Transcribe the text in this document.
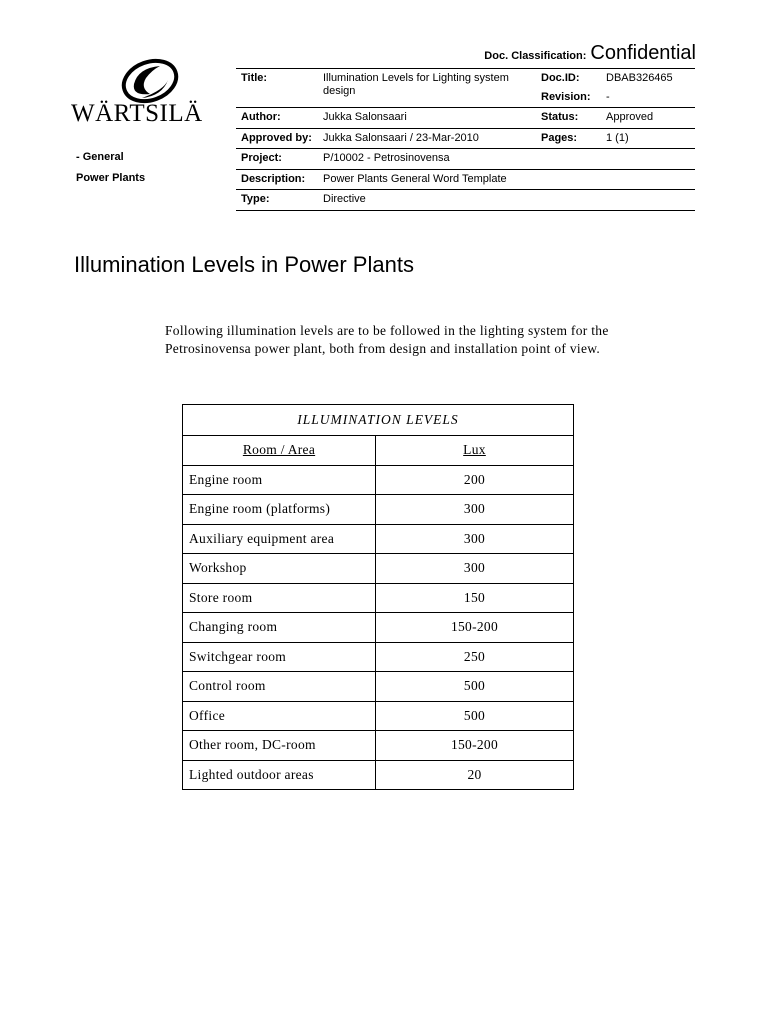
WÄRTSILÄ
- General
Power Plants
Doc. Classification: Confidential
Title:	Illumination Levels for Lighting system design
Doc.ID: DBAB326465
Revision: -
Author:	Jukka Salonsaari	Status:	Approved
Approved by: Jukka Salonsaari / 23-Mar-2010	Pages:	1 (1)
Project:	P/10002 - Petrosinovensa
Description: Power Plants General Word Template
Type:	Directive
Illumination Levels in Power Plants
Following illumination levels are to be followed in the lighting system for the Petrosinovensa power plant, both from design and installation point of view.
ILLUMINATION LEVELS	
Room / Area	Lux
Engine room	200
Engine room (platforms)	300
Auxiliary equipment area	300
Workshop	300
Store room	150
Changing room	150-200
Switchgear room	250
Control room	500
Office	500
Other room, DC-room	150-200
Lighted outdoor areas	20
